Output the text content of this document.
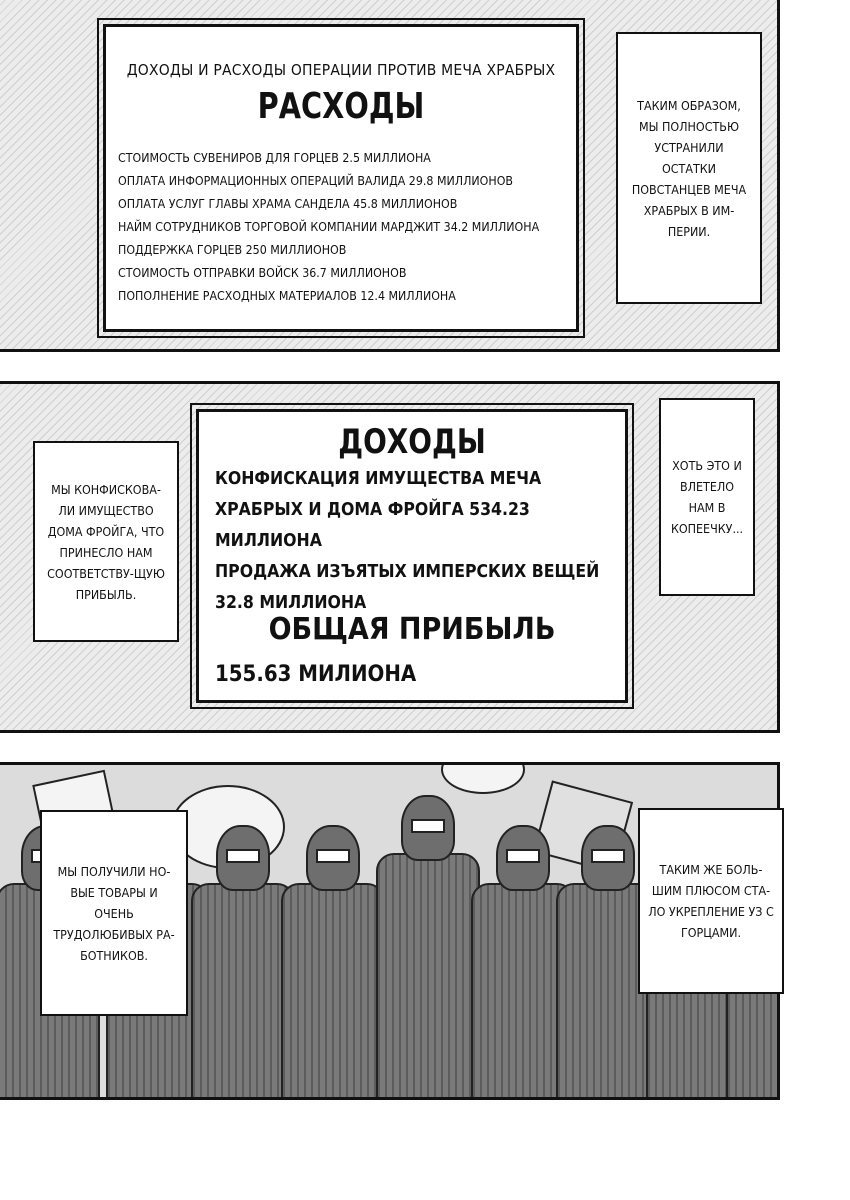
ДОХОДЫ И РАСХОДЫ ОПЕРАЦИИ ПРОТИВ МЕЧА ХРАБРЫХ
РАСХОДЫ
СТОИМОСТЬ СУВЕНИРОВ ДЛЯ ГОРЦЕВ 2.5 МИЛЛИОНА
ОПЛАТА ИНФОРМАЦИОННЫХ ОПЕРАЦИЙ ВАЛИДА 29.8 МИЛЛИОНОВ
ОПЛАТА УСЛУГ ГЛАВЫ ХРАМА САНДЕЛА 45.8 МИЛЛИОНОВ
НАЙМ СОТРУДНИКОВ ТОРГОВОЙ КОМПАНИИ МАРДЖИТ 34.2 МИЛЛИОНА
ПОДДЕРЖКА ГОРЦЕВ 250 МИЛЛИОНОВ
СТОИМОСТЬ ОТПРАВКИ ВОЙСК 36.7 МИЛЛИОНОВ
ПОПОЛНЕНИЕ РАСХОДНЫХ МАТЕРИАЛОВ 12.4 МИЛЛИОНА
ТАКИМ ОБРАЗОМ, МЫ ПОЛНОСТЬЮ УСТРАНИЛИ ОСТАТКИ ПОВСТАНЦЕВ МЕЧА ХРАБРЫХ В ИМ-ПЕРИИ.
ДОХОДЫ
КОНФИСКАЦИЯ ИМУЩЕСТВА МЕЧА ХРАБРЫХ И ДОМА ФРОЙГА 534.23 МИЛЛИОНА
ПРОДАЖА ИЗЪЯТЫХ ИМПЕРСКИХ ВЕЩЕЙ 32.8 МИЛЛИОНА
ОБЩАЯ ПРИБЫЛЬ
155.63 МИЛИОНА
МЫ КОНФИСКОВА-ЛИ ИМУЩЕСТВО ДОМА ФРОЙГА, ЧТО ПРИНЕСЛО НАМ СООТВЕТСТВУ-ЩУЮ ПРИБЫЛЬ.
ХОТЬ ЭТО И ВЛЕТЕЛО НАМ В КОПЕЕЧКУ...
МЫ ПОЛУЧИЛИ НО-ВЫЕ ТОВАРЫ И ОЧЕНЬ ТРУДОЛЮБИВЫХ РА-БОТНИКОВ.
ТАКИМ ЖЕ БОЛЬ-ШИМ ПЛЮСОМ СТА-ЛО УКРЕПЛЕНИЕ УЗ С ГОРЦАМИ.
